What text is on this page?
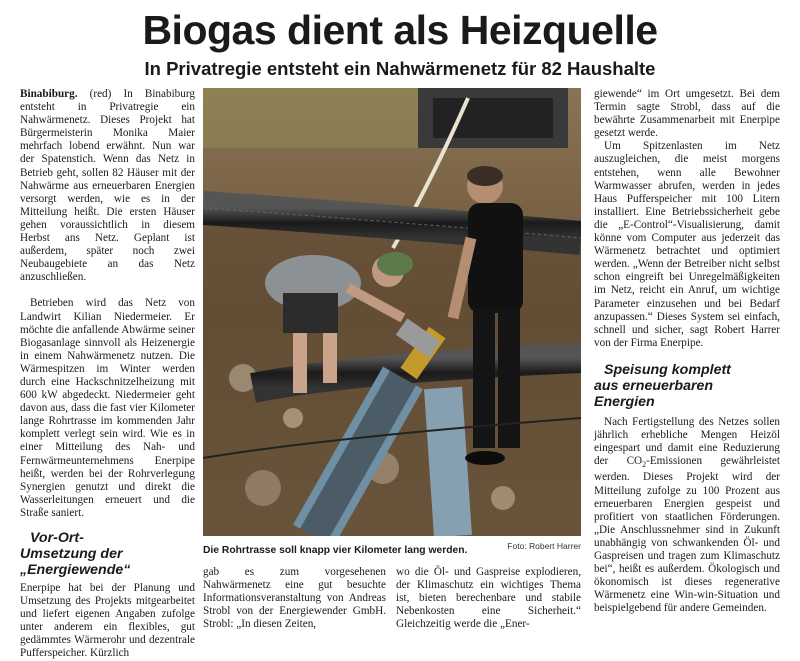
Biogas dient als Heizquelle
In Privatregie entsteht ein Nahwärmenetz für 82 Haushalte

Binabiburg. (red) In Binabiburg entsteht in Privatregie ein Nahwärmenetz. Dieses Projekt hat Bürgermeisterin Monika Maier mehrfach lobend erwähnt. Nun war der Spatenstich. Wenn das Netz in Betrieb geht, sollen 82 Häuser mit der Nahwärme aus erneuerbaren Energien versorgt werden, wie es in der Mitteilung heißt. Die ersten Häuser gehen voraussichtlich in diesem Herbst ans Netz. Geplant ist außerdem, später noch zwei Neubaugebiete an das Netz anzuschließen.

Betrieben wird das Netz von Landwirt Kilian Niedermeier. Er möchte die anfallende Abwärme seiner Biogasanlage sinnvoll als Heizenergie in einem Nahwärmenetz nutzen. Die Wärmespitzen im Winter werden durch eine Hackschnitzelheizung mit 600 kW abgedeckt. Niedermeier geht davon aus, dass die fast vier Kilometer lange Rohrtrasse im kommenden Jahr komplett verlegt sein wird. Wie es in einer Mitteilung des Nah- und Fernwärmeunternehmens Enerpipe heißt, werden bei der Rohrverlegung Synergien genutzt und direkt die Wasserleitungen erneuert und die Straße saniert.

Vor-Ort-Umsetzung der „Energiewende“

Enerpipe hat bei der Planung und Umsetzung des Projekts mitgearbeitet und liefert eigenen Angaben zufolge unter anderem ein flexibles, gut gedämmtes Wärmerohr und dezentrale Pufferspeicher. Kürzlich

Die Rohrtrasse soll knapp vier Kilometer lang werden.	Foto: Robert Harrer

gab es zum vorgesehenen Nahwärmenetz eine gut besuchte Informationsveranstaltung von Andreas Strobl von der Energiewender GmbH. Strobl: „In diesen Zeiten,

wo die Öl- und Gaspreise explodieren, der Klimaschutz ein wichtiges Thema ist, bieten berechenbare und stabile Nebenkosten eine Sicherheit.“ Gleichzeitig werde die „Ener-

giewende“ im Ort umgesetzt. Bei dem Termin sagte Strobl, dass auf die bewährte Zusammenarbeit mit Enerpipe gesetzt werde.

Um Spitzenlasten im Netz auszugleichen, die meist morgens entstehen, wenn alle Bewohner Warmwasser abrufen, werden in jedes Haus Pufferspeicher mit 100 Litern installiert. Eine Betriebssicherheit gebe die „E-Control“-Visualisierung, damit könne vom Computer aus jederzeit das Wärmenetz betrachtet und optimiert werden. „Wenn der Betreiber nicht selbst schon eingreift bei Unregelmäßigkeiten im Netz, reicht ein Anruf, um wichtige Parameter einzusehen und bei Bedarf anzupassen.“ Dieses System sei einfach, schnell und sicher, sagt Robert Harrer von der Firma Enerpipe.

Speisung komplett aus erneuerbaren Energien

Nach Fertigstellung des Netzes sollen jährlich erhebliche Mengen Heizöl eingespart und damit eine Reduzierung der $CO_2$-Emissionen gewährleistet werden. Dieses Projekt wird der Mitteilung zufolge zu 100 Prozent aus erneuerbaren Energien gespeist und profitiert von staatlichen Förderungen. „Die Anschlussnehmer sind in Zukunft unabhängig von schwankenden Öl- und Gaspreisen und tragen zum Klimaschutz bei“, heißt es außerdem. Ökologisch und ökonomisch ist dieses regenerative Wärmenetz eine Win-win-Situation und beispielgebend für andere Gemeinden.
